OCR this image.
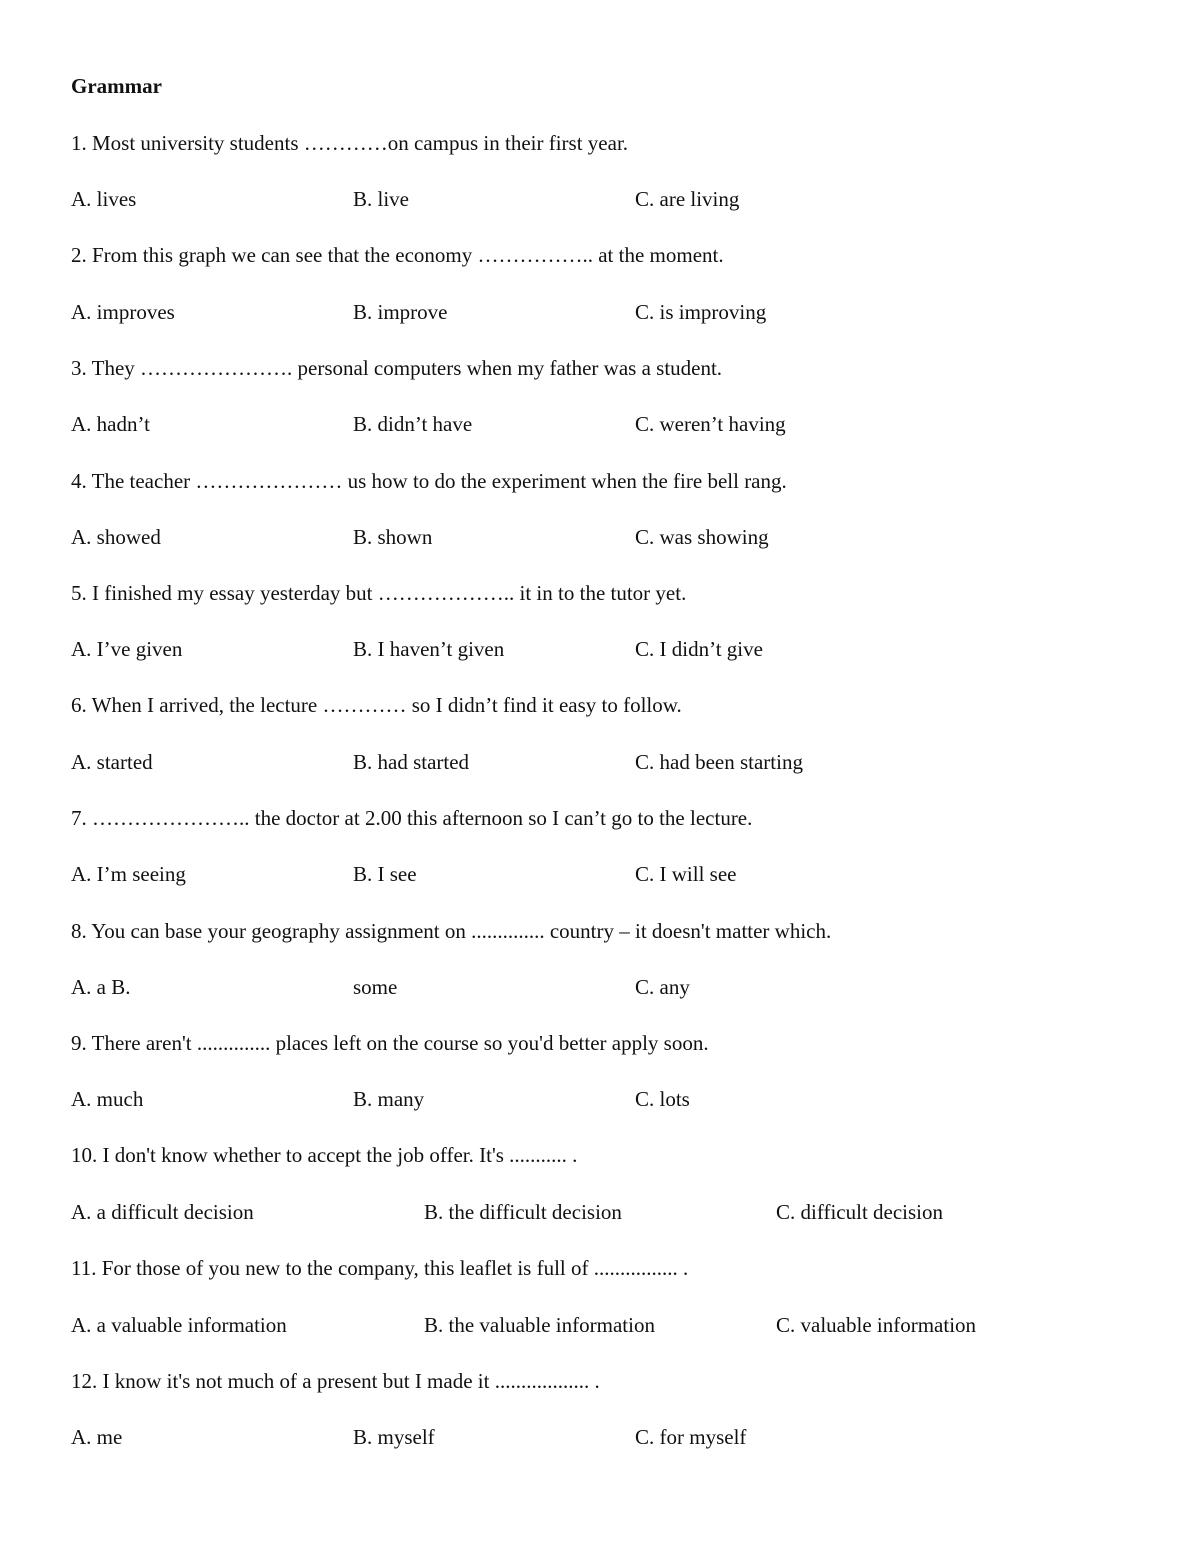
Grammar
1. Most university students …………on campus in their first year.
A. lives	B. live	C. are living
2. From this graph we can see that the economy …………….. at the moment.
A. improves	B. improve	C. is improving
3. They …………………. personal computers when my father was a student.
A. hadn’t	B. didn’t have	C. weren’t having
4. The teacher ………………… us how to do the experiment when the fire bell rang.
A. showed	B. shown	C. was showing
5. I finished my essay yesterday but ……………….. it in to the tutor yet.
A. I’ve given	B. I haven’t given	C. I didn’t give
6. When I arrived, the lecture ………… so I didn’t find it easy to follow.
A. started	B. had started	C. had been starting
7. ………………….. the doctor at 2.00 this afternoon so I can’t go to the lecture.
A. I’m seeing	B. I see	C. I will see
8. You can base your geography assignment on .............. country – it doesn't matter which.
A. a B.	some	C. any
9. There aren't .............. places left on the course so you'd better apply soon.
A. much	B. many	C. lots
10. I don't know whether to accept the job offer. It's ........... .
A. a difficult decision	B. the difficult decision	C. difficult decision
11. For those of you new to the company, this leaflet is full of ................ .
A. a valuable information	B. the valuable information	C. valuable information
12. I know it's not much of a present but I made it .................. .
A. me	B. myself	C. for myself
